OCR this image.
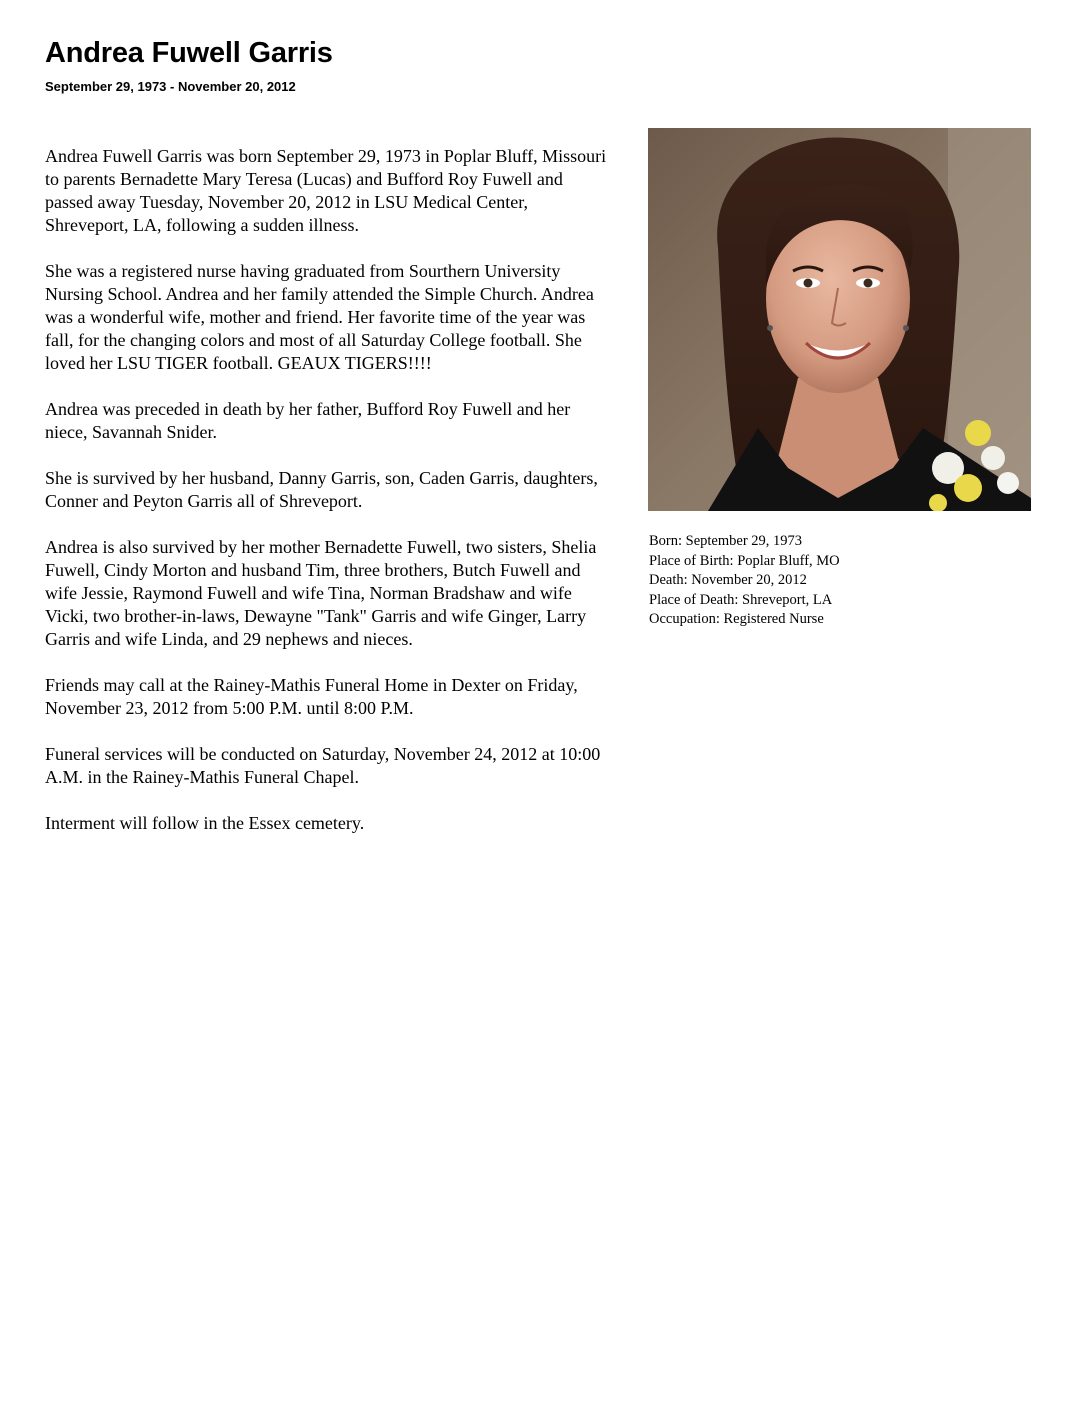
Andrea Fuwell Garris
September 29, 1973 - November 20, 2012

Andrea Fuwell Garris was born September 29, 1973 in Poplar Bluff, Missouri to parents Bernadette Mary Teresa (Lucas) and Bufford Roy Fuwell and passed away Tuesday, November 20, 2012 in LSU Medical Center, Shreveport, LA, following a sudden illness.

She was a registered nurse having graduated from Sourthern University Nursing School. Andrea and her family attended the Simple Church. Andrea was a wonderful wife, mother and friend. Her favorite time of the year was fall, for the changing colors and most of all Saturday College football. She loved her LSU TIGER football. GEAUX TIGERS!!!!

Andrea was preceded in death by her father, Bufford Roy Fuwell and her niece, Savannah Snider.

She is survived by her husband, Danny Garris, son, Caden Garris, daughters, Conner and Peyton Garris all of Shreveport.

Andrea is also survived by her mother Bernadette Fuwell, two sisters, Shelia Fuwell, Cindy Morton and husband Tim, three brothers, Butch Fuwell and wife Jessie, Raymond Fuwell and wife Tina, Norman Bradshaw and wife Vicki, two brother-in-laws, Dewayne "Tank" Garris and wife Ginger, Larry Garris and wife Linda, and 29 nephews and nieces.

Friends may call at the Rainey-Mathis Funeral Home in Dexter on Friday, November 23, 2012 from 5:00 P.M. until 8:00 P.M.

Funeral services will be conducted on Saturday, November 24, 2012 at 10:00 A.M. in the Rainey-Mathis Funeral Chapel.

Interment will follow in the Essex cemetery.

Born: September 29, 1973
Place of Birth: Poplar Bluff, MO
Death: November 20, 2012
Place of Death: Shreveport, LA
Occupation: Registered Nurse
